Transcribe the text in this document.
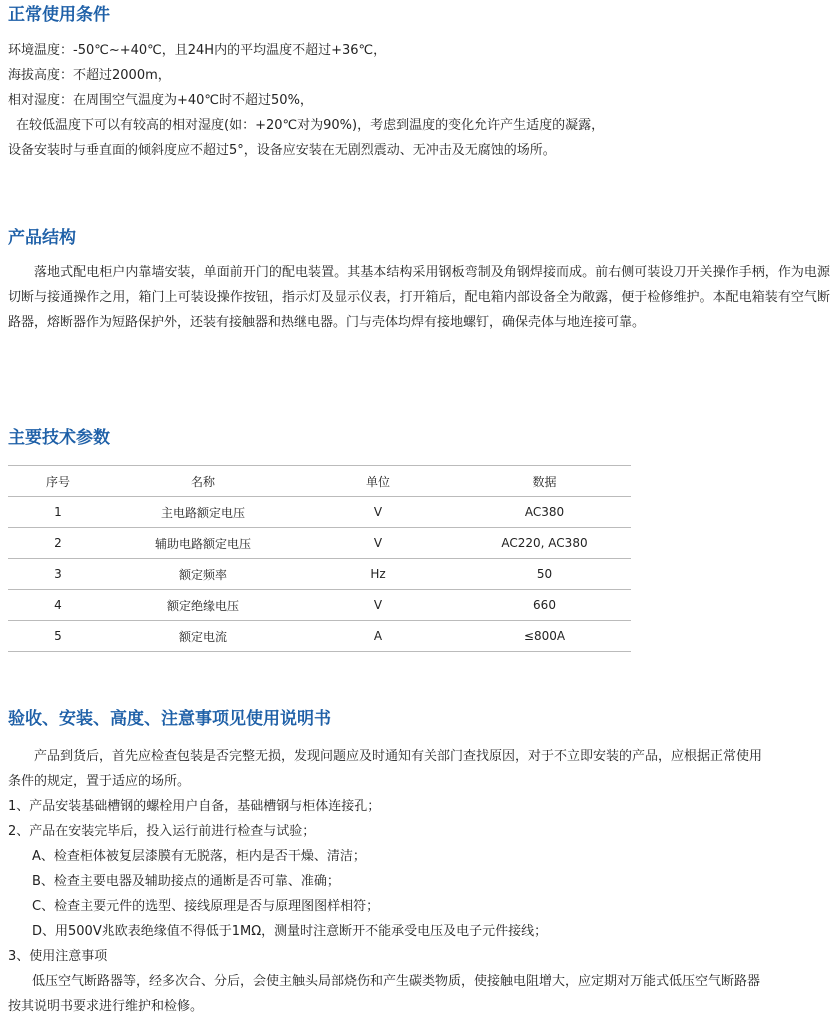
正常使用条件
环境温度：-50℃~+40℃，且24H内的平均温度不超过+36℃，
海拔高度：不超过2000m，
相对湿度：在周围空气温度为+40℃时不超过50%，
在较低温度下可以有较高的相对湿度(如：+20℃对为90%)，考虑到温度的变化允许产生适度的凝露，
设备安装时与垂直面的倾斜度应不超过5°，设备应安装在无剧烈震动、无冲击及无腐蚀的场所。
产品结构

落地式配电柜户内靠墙安装，单面前开门的配电装置。其基本结构采用钢板弯制及角钢焊接而成。前右侧可装设刀开关操作手柄，作为电源切断与接通操作之用，箱门上可装设操作按钮，指示灯及显示仪表，打开箱后，配电箱内部设备全为敞露，便于检修维护。本配电箱装有空气断路器，熔断器作为短路保护外，还装有接触器和热继电器。门与壳体均焊有接地螺钉，确保壳体与地连接可靠。

主要技术参数
序号	名称	单位	数据
1	主电路额定电压	V	AC380
2	辅助电路额定电压	V	AC220, AC380
3	额定频率	Hz	50
4	额定绝缘电压	V	660
5	额定电流	A	≤800A
验收、安装、高度、注意事项见使用说明书
产品到货后，首先应检查包装是否完整无损，发现问题应及时通知有关部门查找原因，对于不立即安装的产品，应根据正常使用
条件的规定，置于适应的场所。
1、产品安装基础槽钢的螺栓用户自备，基础槽钢与柜体连接孔；
2、产品在安装完毕后，投入运行前进行检查与试验；
A、检查柜体被复层漆膜有无脱落，柜内是否干燥、清洁；
B、检查主要电器及辅助接点的通断是否可靠、准确；
C、检查主要元件的选型、接线原理是否与原理图图样相符；
D、用500V兆欧表绝缘值不得低于1MΩ，测量时注意断开不能承受电压及电子元件接线；
3、使用注意事项
低压空气断路器等，经多次合、分后，会使主触头局部烧伤和产生碳类物质，使接触电阻增大，应定期对万能式低压空气断路器
按其说明书要求进行维护和检修。
